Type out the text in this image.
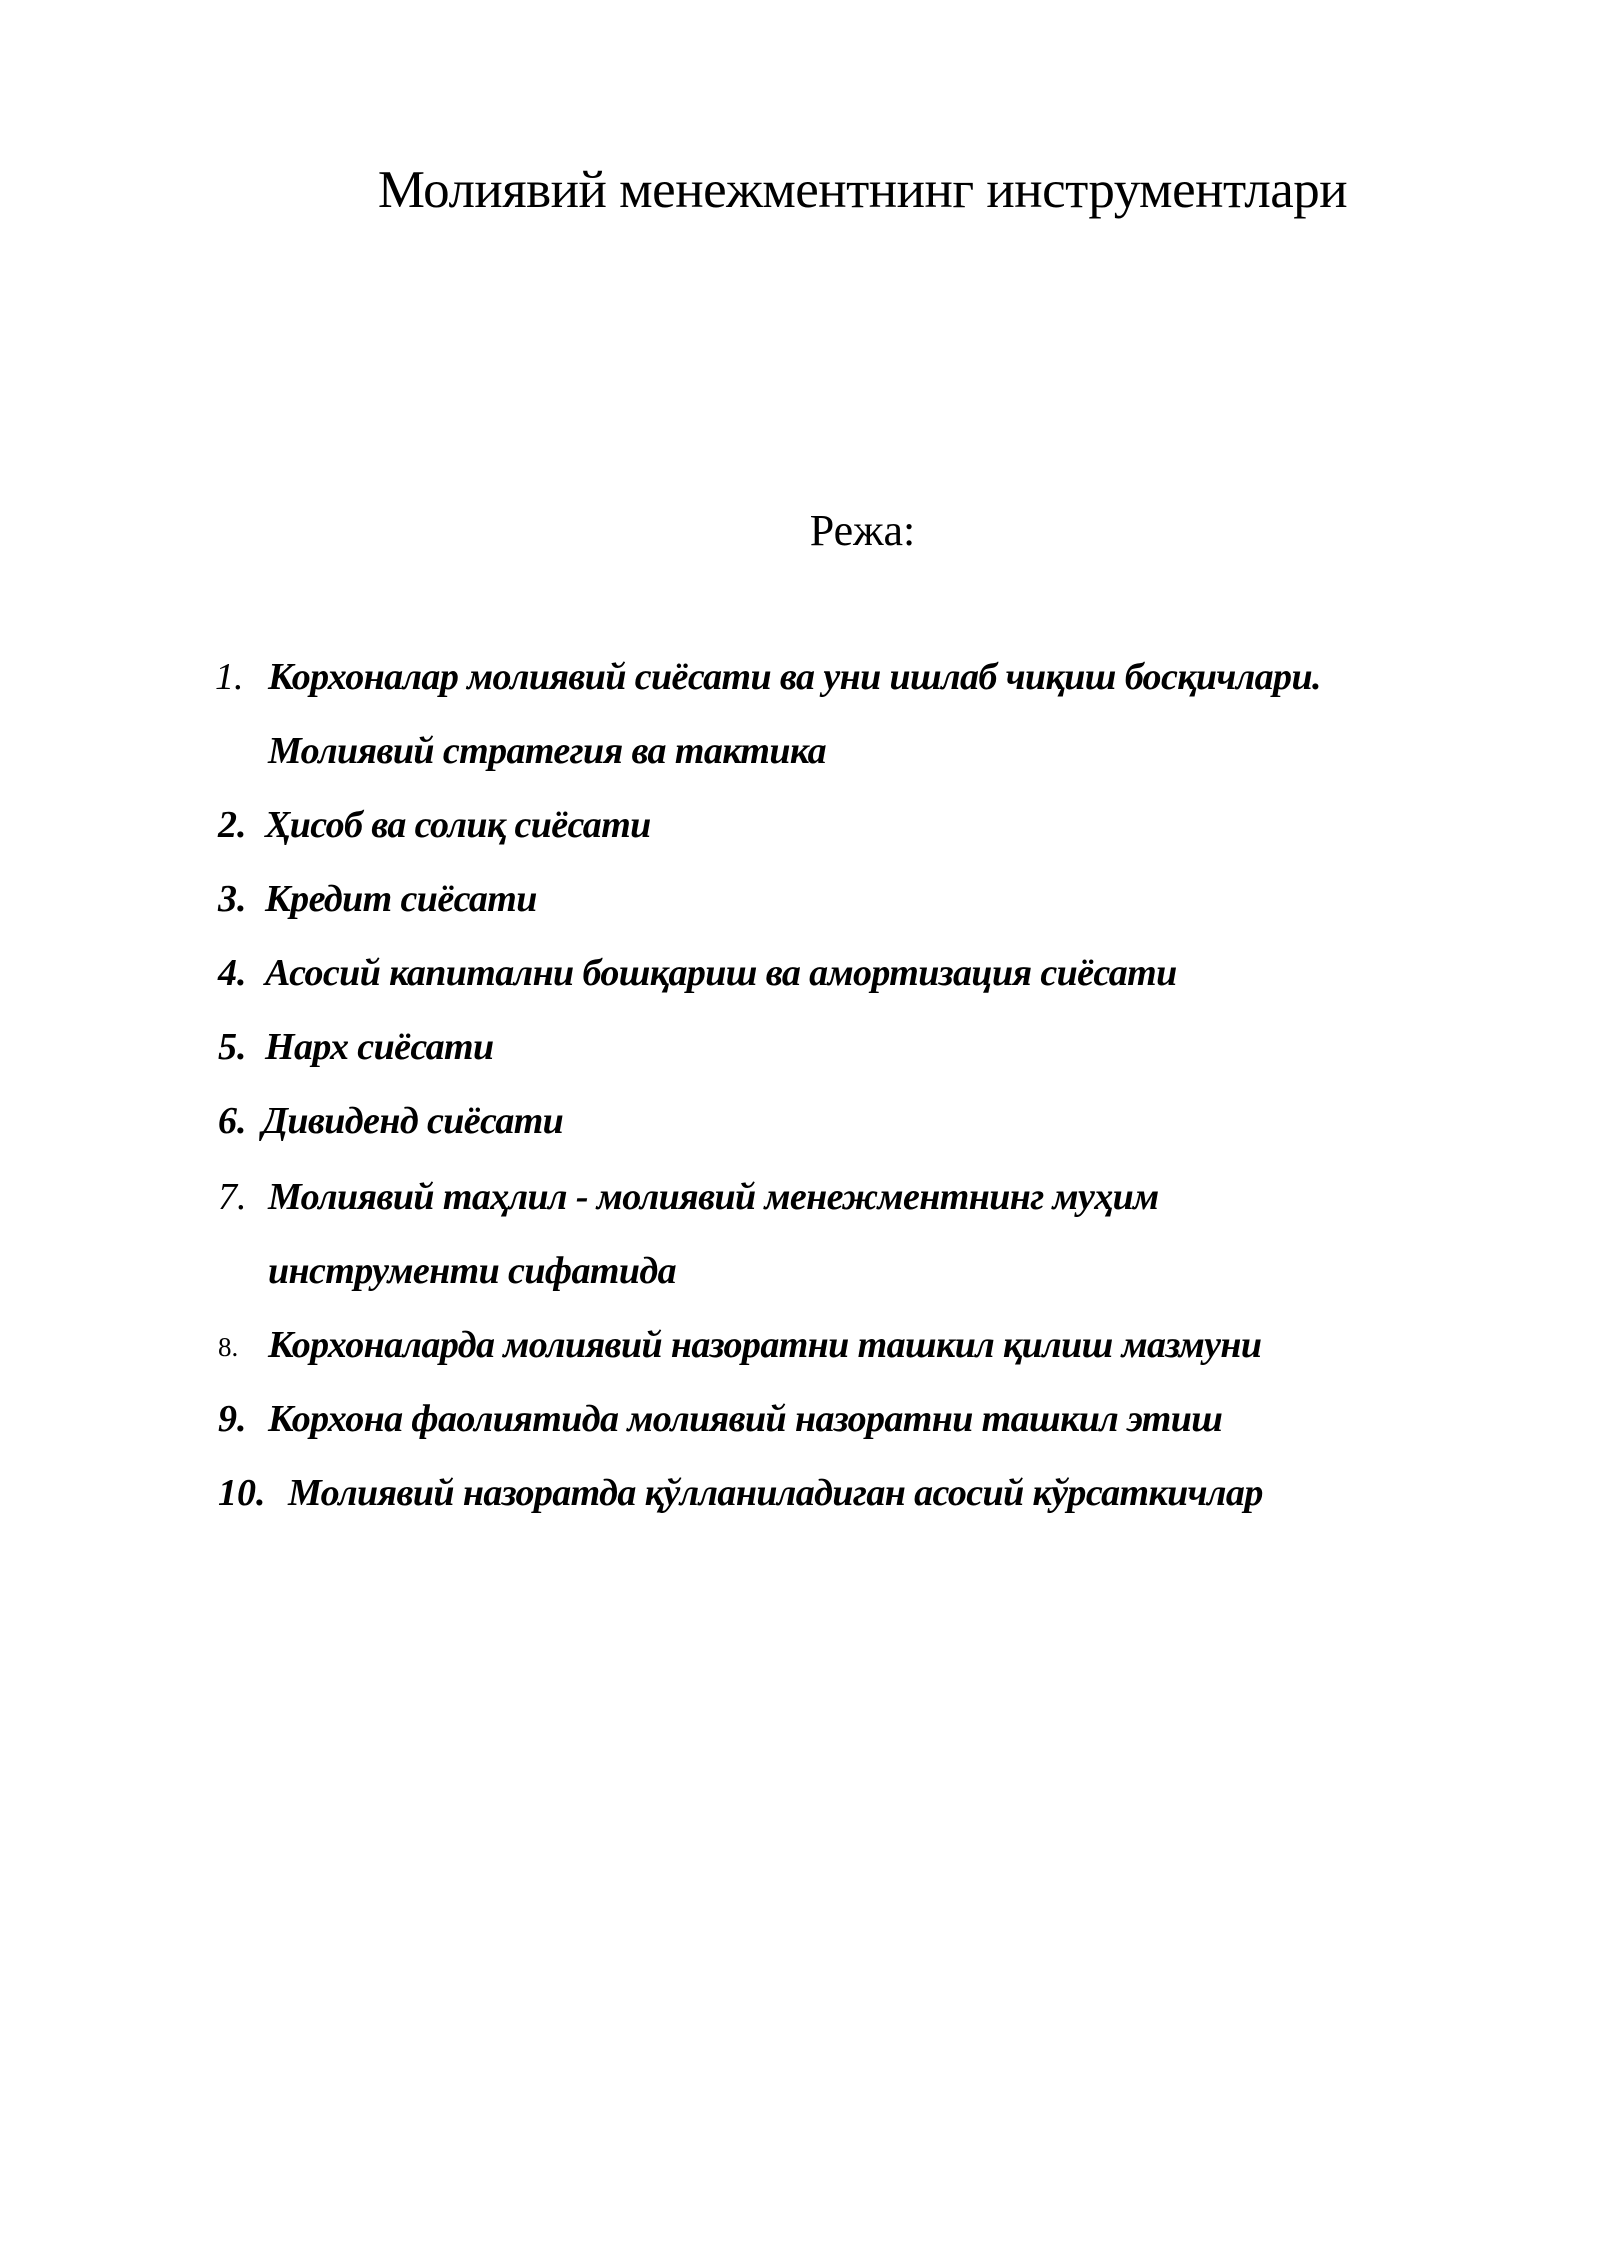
Молиявий менежментнинг инструментлари
Режа:
1. Корхоналар молиявий сиёсати ва уни ишлаб чиқиш босқичлари.
Молиявий стратегия ва тактика
2. Ҳисоб ва солиқ сиёсати
3. Кредит сиёсати
4. Асосий капитални бошқариш ва амортизация сиёсати
5. Нарх сиёсати
6. Дивиденд сиёсати
7. Молиявий таҳлил - молиявий менежментнинг муҳим
инструменти сифатида
8. Корхоналарда молиявий назоратни ташкил қилиш мазмуни
9. Корхона фаолиятида молиявий назоратни ташкил этиш
10. Молиявий назоратда қўлланиладиган асосий кўрсаткичлар
